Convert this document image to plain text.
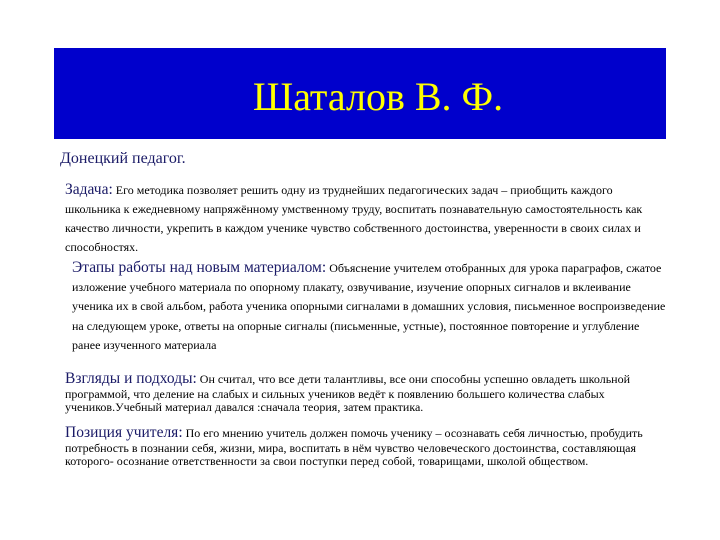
Шаталов В. Ф.
Донецкий педагог.

Задача: Его методика позволяет решить одну из труднейших педагогических задач – приобщить каждого школьника к ежедневному напряжённому умственному труду, воспитать познавательную самостоятельность как качество личности, укрепить в каждом ученике чувство собственного достоинства, уверенности в своих силах и способностях.

Этапы работы над новым материалом: Объяснение учителем отобранных для урока параграфов, сжатое изложение учебного материала по опорному плакату, озвучивание, изучение опорных сигналов и вклеивание ученика их в свой альбом, работа ученика опорными сигналами в домашних условия, письменное воспроизведение на следующем уроке, ответы на опорные сигналы (письменные, устные), постоянное повторение и углубление ранее изученного материала

Взгляды и подходы: Он считал, что все дети талантливы, все они способны успешно овладеть школьной программой, что деление на слабых и сильных учеников ведёт к появлению большего количества слабых учеников.Учебный материал давался :сначала теория, затем практика.

Позиция учителя: По его мнению учитель должен помочь ученику – осознавать себя личностью, пробудить потребность в познании себя, жизни, мира, воспитать в нём чувство человеческого достоинства, составляющая которого- осознание ответственности за свои поступки перед собой, товарищами, школой обществом.
